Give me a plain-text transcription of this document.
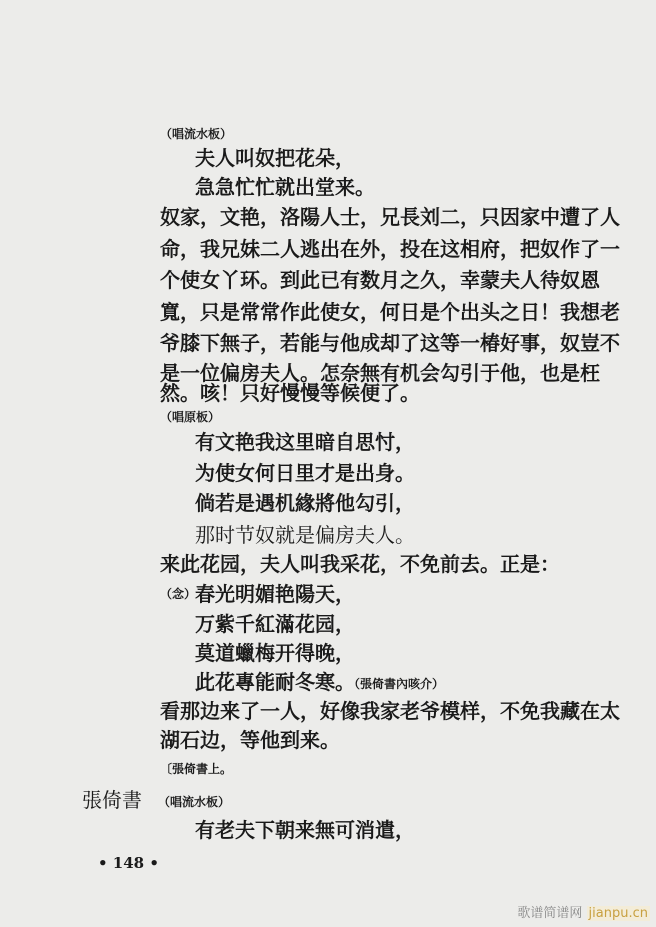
（唱流水板）
夫人叫奴把花朵，
急急忙忙就出堂来。
奴家，文艳，洛陽人士，兄長刘二，只因家中遭了人
命，我兄妹二人逃出在外，投在这相府，把奴作了一
个使女丫环。到此已有数月之久，幸蒙夫人待奴恩
寬，只是常常作此使女，何日是个出头之日！我想老
爷膝下無子，若能与他成却了这等一椿好事，奴豈不
是一位偏房夫人。怎奈無有机会勾引于他，也是枉
然。咳！只好慢慢等候便了。
（唱原板）
有文艳我这里暗自思忖，
为使女何日里才是出身。
倘若是遇机緣將他勾引，
那时节奴就是偏房夫人。
来此花园，夫人叫我采花，不免前去。正是：
（念）
春光明媚艳陽天，
万紫千紅滿花园，
莫道蠟梅开得晚，
此花專能耐冬寒。
（張倚書內咳介）
看那边来了一人，好像我家老爷模样，不免我藏在太
湖石边，等他到来。
〔張倚書上。
張倚書 （唱流水板）
有老夫下朝来無可消遣，
• 148 •
歌谱简谱网 jianpu.cn
